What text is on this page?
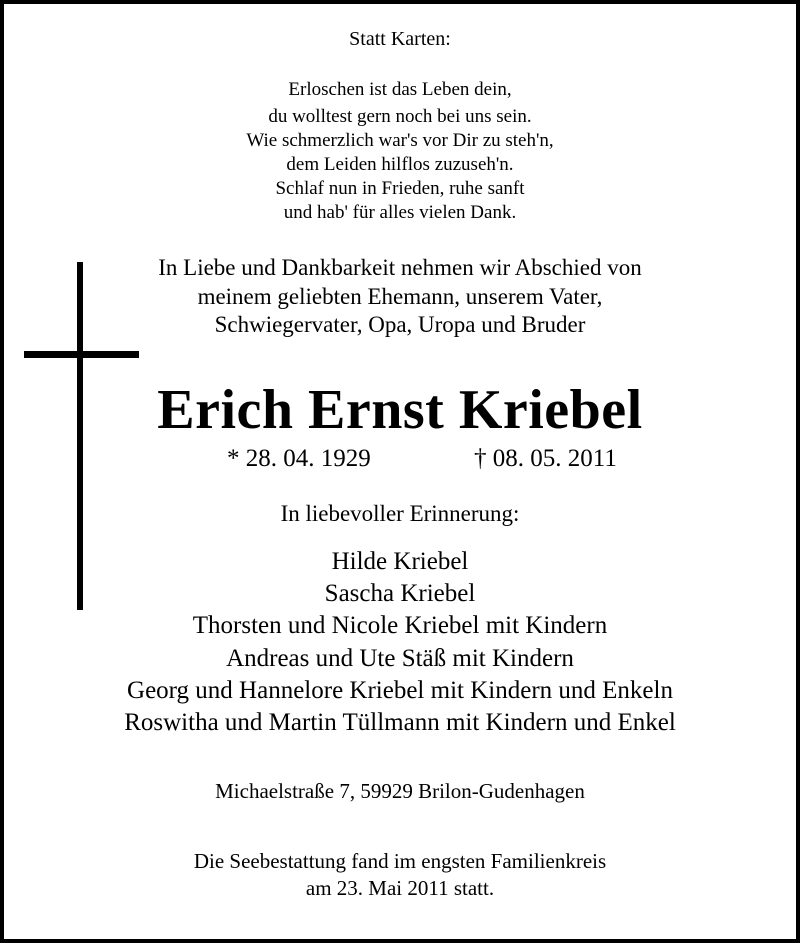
Statt Karten:
Erloschen ist das Leben dein,
du wolltest gern noch bei uns sein.
Wie schmerzlich war's vor Dir zu steh'n,
dem Leiden hilflos zuzuseh'n.
Schlaf nun in Frieden, ruhe sanft
und hab' für alles vielen Dank.
In Liebe und Dankbarkeit nehmen wir Abschied von
meinem geliebten Ehemann, unserem Vater,
Schwiegervater, Opa, Uropa und Bruder
Erich Ernst Kriebel
* 28. 04. 1929	† 08. 05. 2011
In liebevoller Erinnerung:
Hilde Kriebel
Sascha Kriebel
Thorsten und Nicole Kriebel mit Kindern
Andreas und Ute Stäß mit Kindern
Georg und Hannelore Kriebel mit Kindern und Enkeln
Roswitha und Martin Tüllmann mit Kindern und Enkel
Michaelstraße 7, 59929 Brilon-Gudenhagen
Die Seebestattung fand im engsten Familienkreis
am 23. Mai 2011 statt.
